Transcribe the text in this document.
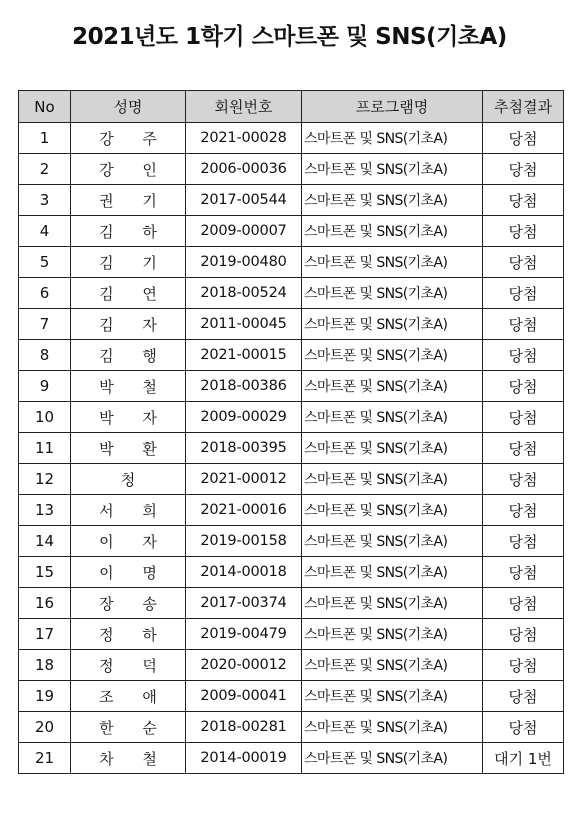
2021년도 1학기 스마트폰 및 SNS(기초A)
No	성명	회원번호	프로그램명	추첨결과
1	강 주	2021-00028	스마트폰 및 SNS(기초A)	당첨
2	강 인	2006-00036	스마트폰 및 SNS(기초A)	당첨
3	권 기	2017-00544	스마트폰 및 SNS(기초A)	당첨
4	김 하	2009-00007	스마트폰 및 SNS(기초A)	당첨
5	김 기	2019-00480	스마트폰 및 SNS(기초A)	당첨
6	김 연	2018-00524	스마트폰 및 SNS(기초A)	당첨
7	김 자	2011-00045	스마트폰 및 SNS(기초A)	당첨
8	김 행	2021-00015	스마트폰 및 SNS(기초A)	당첨
9	박 철	2018-00386	스마트폰 및 SNS(기초A)	당첨
10	박 자	2009-00029	스마트폰 및 SNS(기초A)	당첨
11	박 환	2018-00395	스마트폰 및 SNS(기초A)	당첨
12	청	2021-00012	스마트폰 및 SNS(기초A)	당첨
13	서 희	2021-00016	스마트폰 및 SNS(기초A)	당첨
14	이 자	2019-00158	스마트폰 및 SNS(기초A)	당첨
15	이 명	2014-00018	스마트폰 및 SNS(기초A)	당첨
16	장 송	2017-00374	스마트폰 및 SNS(기초A)	당첨
17	정 하	2019-00479	스마트폰 및 SNS(기초A)	당첨
18	정 덕	2020-00012	스마트폰 및 SNS(기초A)	당첨
19	조 애	2009-00041	스마트폰 및 SNS(기초A)	당첨
20	한 순	2018-00281	스마트폰 및 SNS(기초A)	당첨
21	차 철	2014-00019	스마트폰 및 SNS(기초A)	대기 1번
